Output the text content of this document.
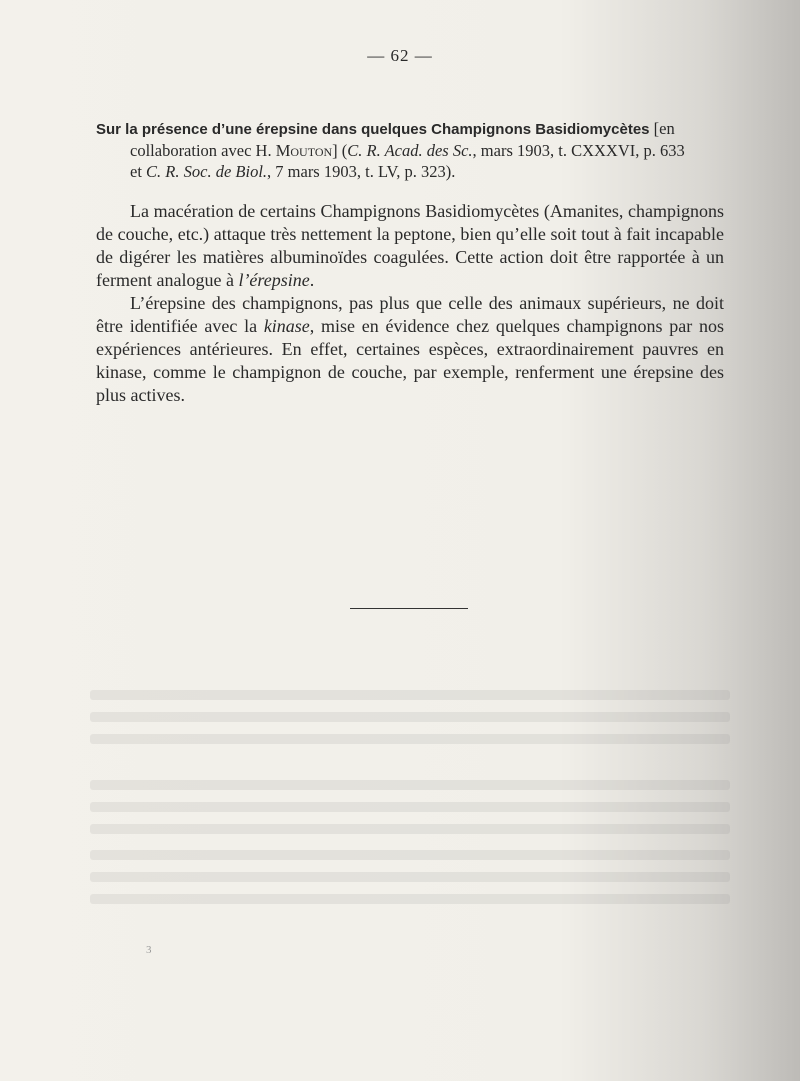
— 62 —
Sur la présence d’une érepsine dans quelques Champignons Basidiomycètes [en
collaboration avec H. Mouton] (C. R. Acad. des Sc., mars 1903, t. CXXXVI, p. 633
et C. R. Soc. de Biol., 7 mars 1903, t. LV, p. 323).

La macération de certains Champignons Basidiomycètes (Amanites, champignons de couche, etc.) attaque très nettement la peptone, bien qu’elle soit tout à fait incapable de digérer les matières albuminoïdes coagulées. Cette action doit être rapportée à un ferment analogue à l’érepsine.

L’érepsine des champignons, pas plus que celle des animaux supérieurs, ne doit être identifiée avec la kinase, mise en évidence chez quelques champignons par nos expériences antérieures. En effet, certaines espèces, extraordinairement pauvres en kinase, comme le champignon de couche, par exemple, renferment une érepsine des plus actives.

3
